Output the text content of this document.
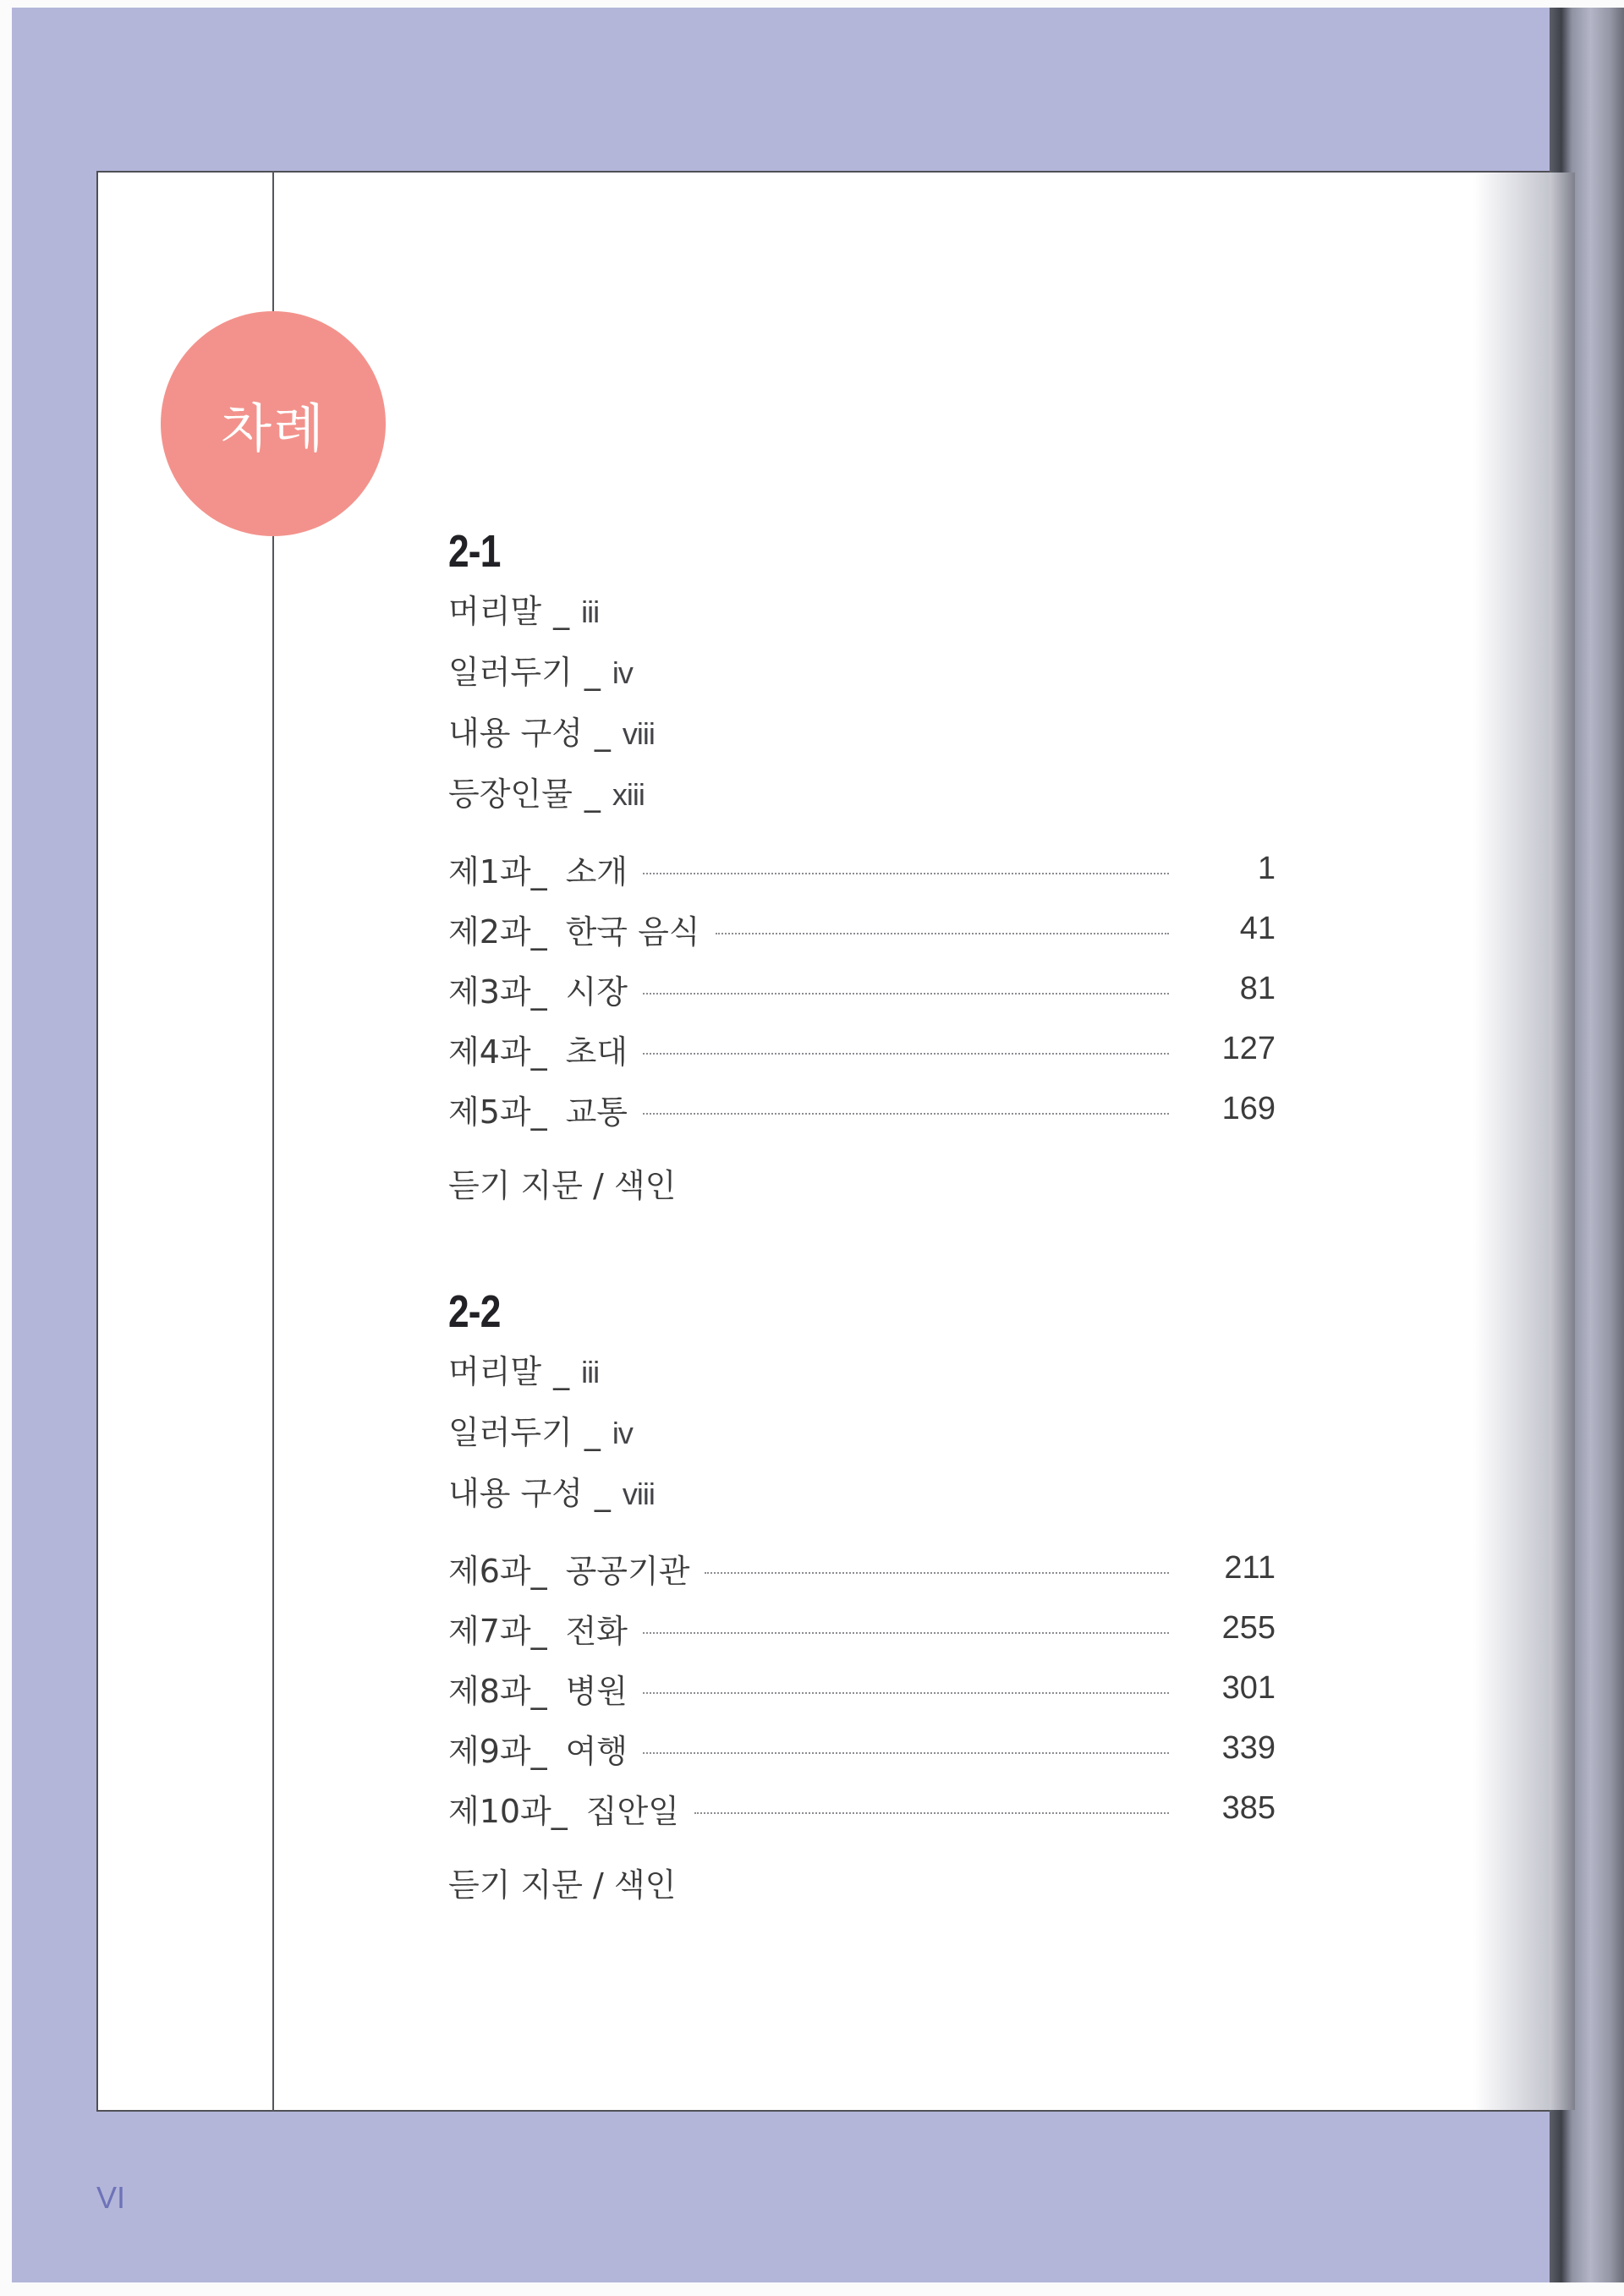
차례
2-1
머리말 _ iii
일러두기 _ iv
내용 구성 _ viii
등장인물 _ xiii
제1과_ 소개	1
제2과_ 한국 음식	41
제3과_ 시장	81
제4과_ 초대	127
제5과_ 교통	169
듣기 지문 / 색인
2-2
머리말 _ iii
일러두기 _ iv
내용 구성 _ viii
제6과_ 공공기관	211
제7과_ 전화	255
제8과_ 병원	301
제9과_ 여행	339
제10과_ 집안일	385
듣기 지문 / 색인
VI
